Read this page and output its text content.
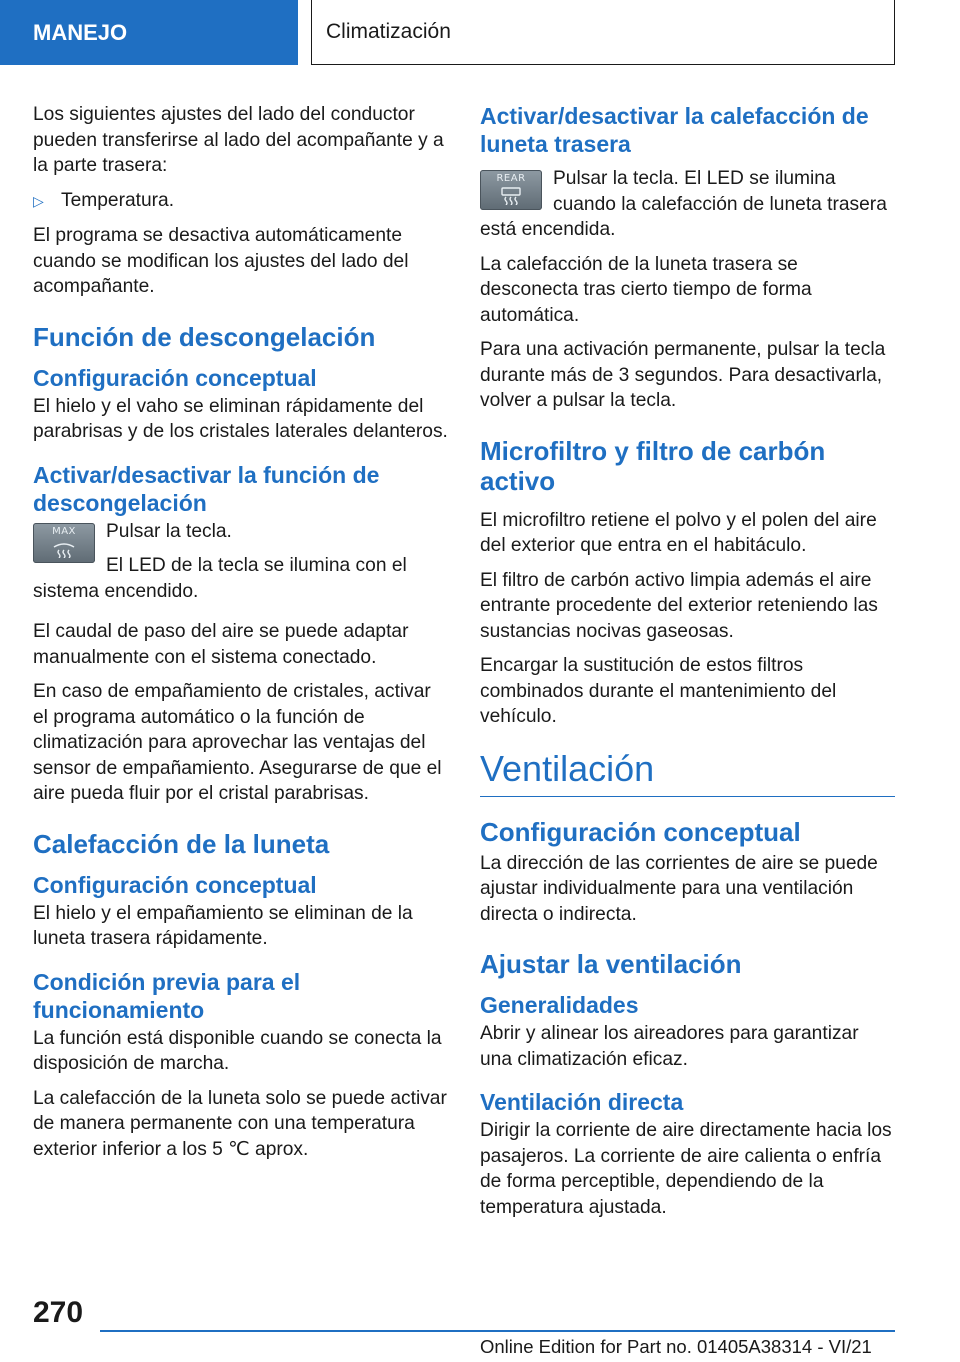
MANEJO	Climatización

Los siguientes ajustes del lado del conductor pueden transferirse al lado del acompañante y a la parte trasera:

▷ Temperatura.

El programa se desactiva automáticamente cuando se modifican los ajustes del lado del acompañante.

Función de descongelación
Configuración conceptual

El hielo y el vaho se eliminan rápidamente del parabrisas y de los cristales laterales delanteros.

Activar/desactivar la función de descongelación
MAX	Pulsar la tecla.

El LED de la tecla se ilumina con el sistema encendido.

El caudal de paso del aire se puede adaptar manualmente con el sistema conectado.

En caso de empañamiento de cristales, activar el programa automático o la función de climatización para aprovechar las ventajas del sensor de empañamiento. Asegurarse de que el aire pueda fluir por el cristal parabrisas.

Calefacción de la luneta
Configuración conceptual

El hielo y el empañamiento se eliminan de la luneta trasera rápidamente.

Condición previa para el funcionamiento

La función está disponible cuando se conecta la disposición de marcha.

La calefacción de la luneta solo se puede activar de manera permanente con una temperatura exterior inferior a los 5 ℃ aprox.

Activar/desactivar la calefacción de luneta trasera
REAR	Pulsar la tecla. El LED se ilumina cuando la calefacción de luneta trasera está encendida.

La calefacción de la luneta trasera se desconecta tras cierto tiempo de forma automática.

Para una activación permanente, pulsar la tecla durante más de 3 segundos. Para desactivarla, volver a pulsar la tecla.

Microfiltro y filtro de carbón activo

El microfiltro retiene el polvo y el polen del aire del exterior que entra en el habitáculo.

El filtro de carbón activo limpia además el aire entrante procedente del exterior reteniendo las sustancias nocivas gaseosas.

Encargar la sustitución de estos filtros combinados durante el mantenimiento del vehículo.

Ventilación
Configuración conceptual

La dirección de las corrientes de aire se puede ajustar individualmente para una ventilación directa o indirecta.

Ajustar la ventilación
Generalidades

Abrir y alinear los aireadores para garantizar una climatización eficaz.

Ventilación directa

Dirigir la corriente de aire directamente hacia los pasajeros. La corriente de aire calienta o enfría de forma perceptible, dependiendo de la temperatura ajustada.

270
Online Edition for Part no. 01405A38314 - VI/21
